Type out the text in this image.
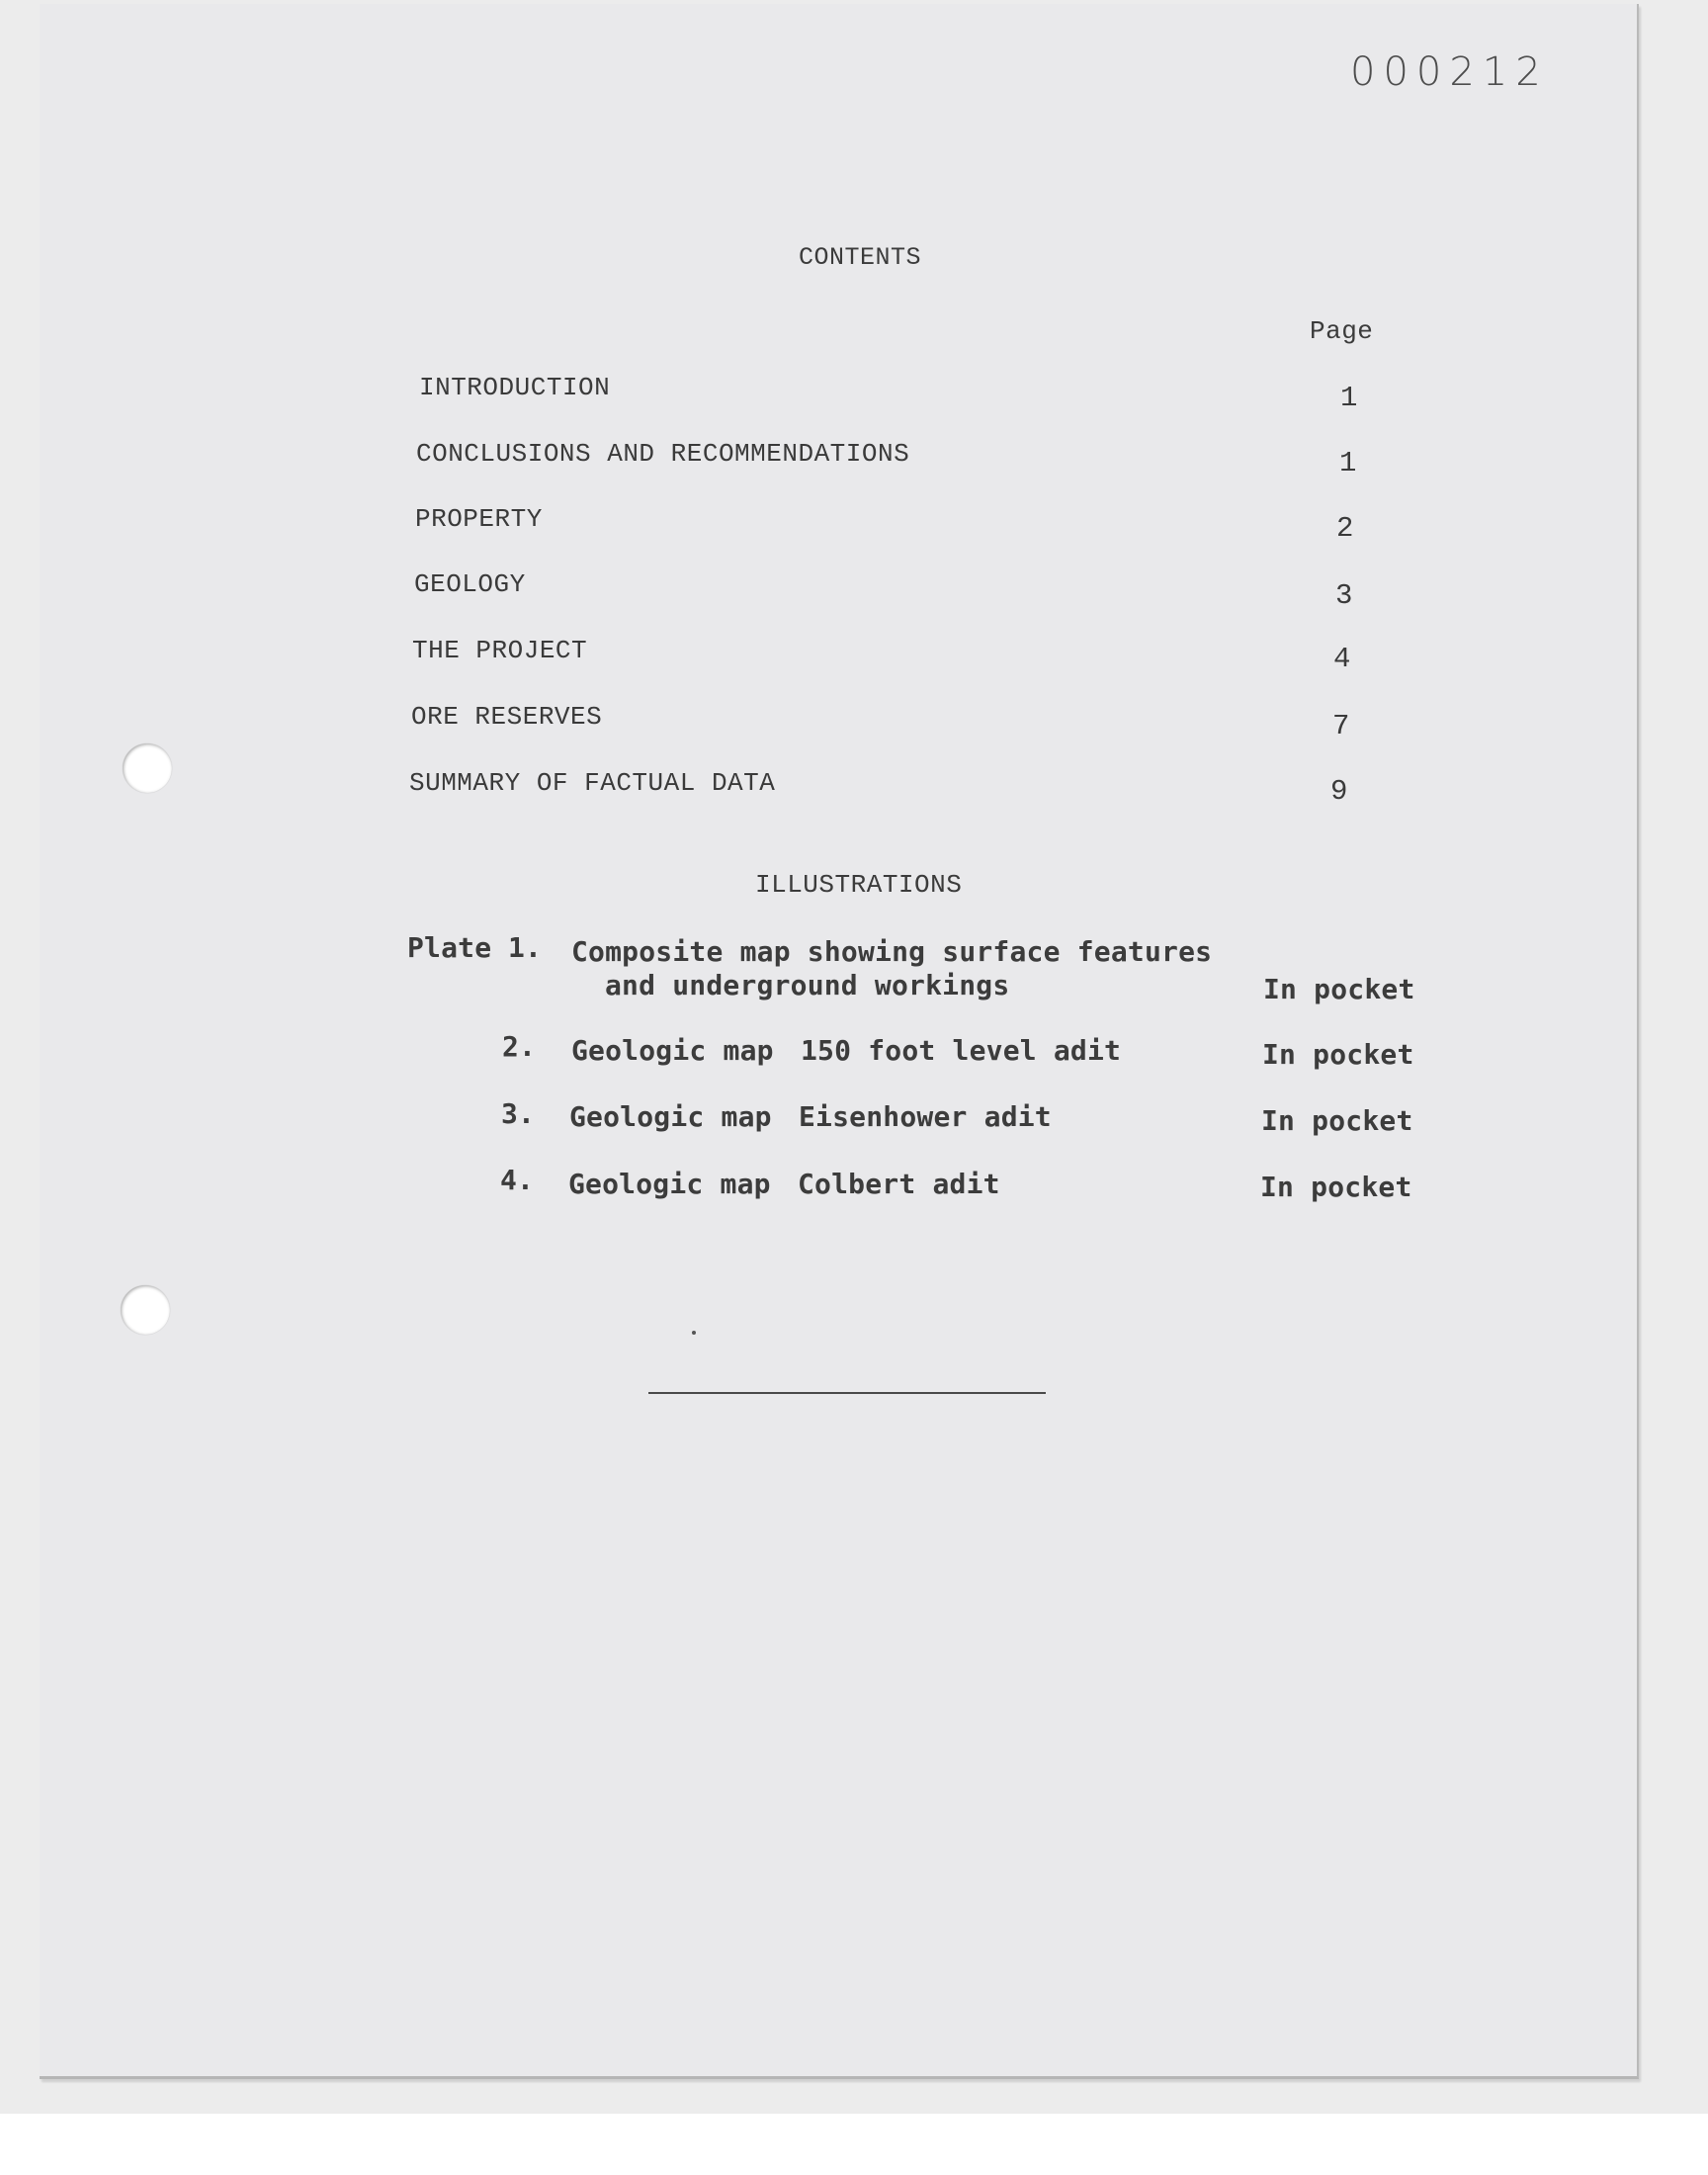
000212
CONTENTS
Page
INTRODUCTION	1
CONCLUSIONS AND RECOMMENDATIONS	1
PROPERTY	2
GEOLOGY	3
THE PROJECT	4
ORE RESERVES	7
SUMMARY OF FACTUAL DATA	9
ILLUSTRATIONS
Plate 1. Composite map showing surface features
and underground workings	In pocket
2. Geologic map 150 foot level adit	In pocket
3. Geologic map Eisenhower adit	In pocket
4. Geologic map Colbert adit	In pocket
